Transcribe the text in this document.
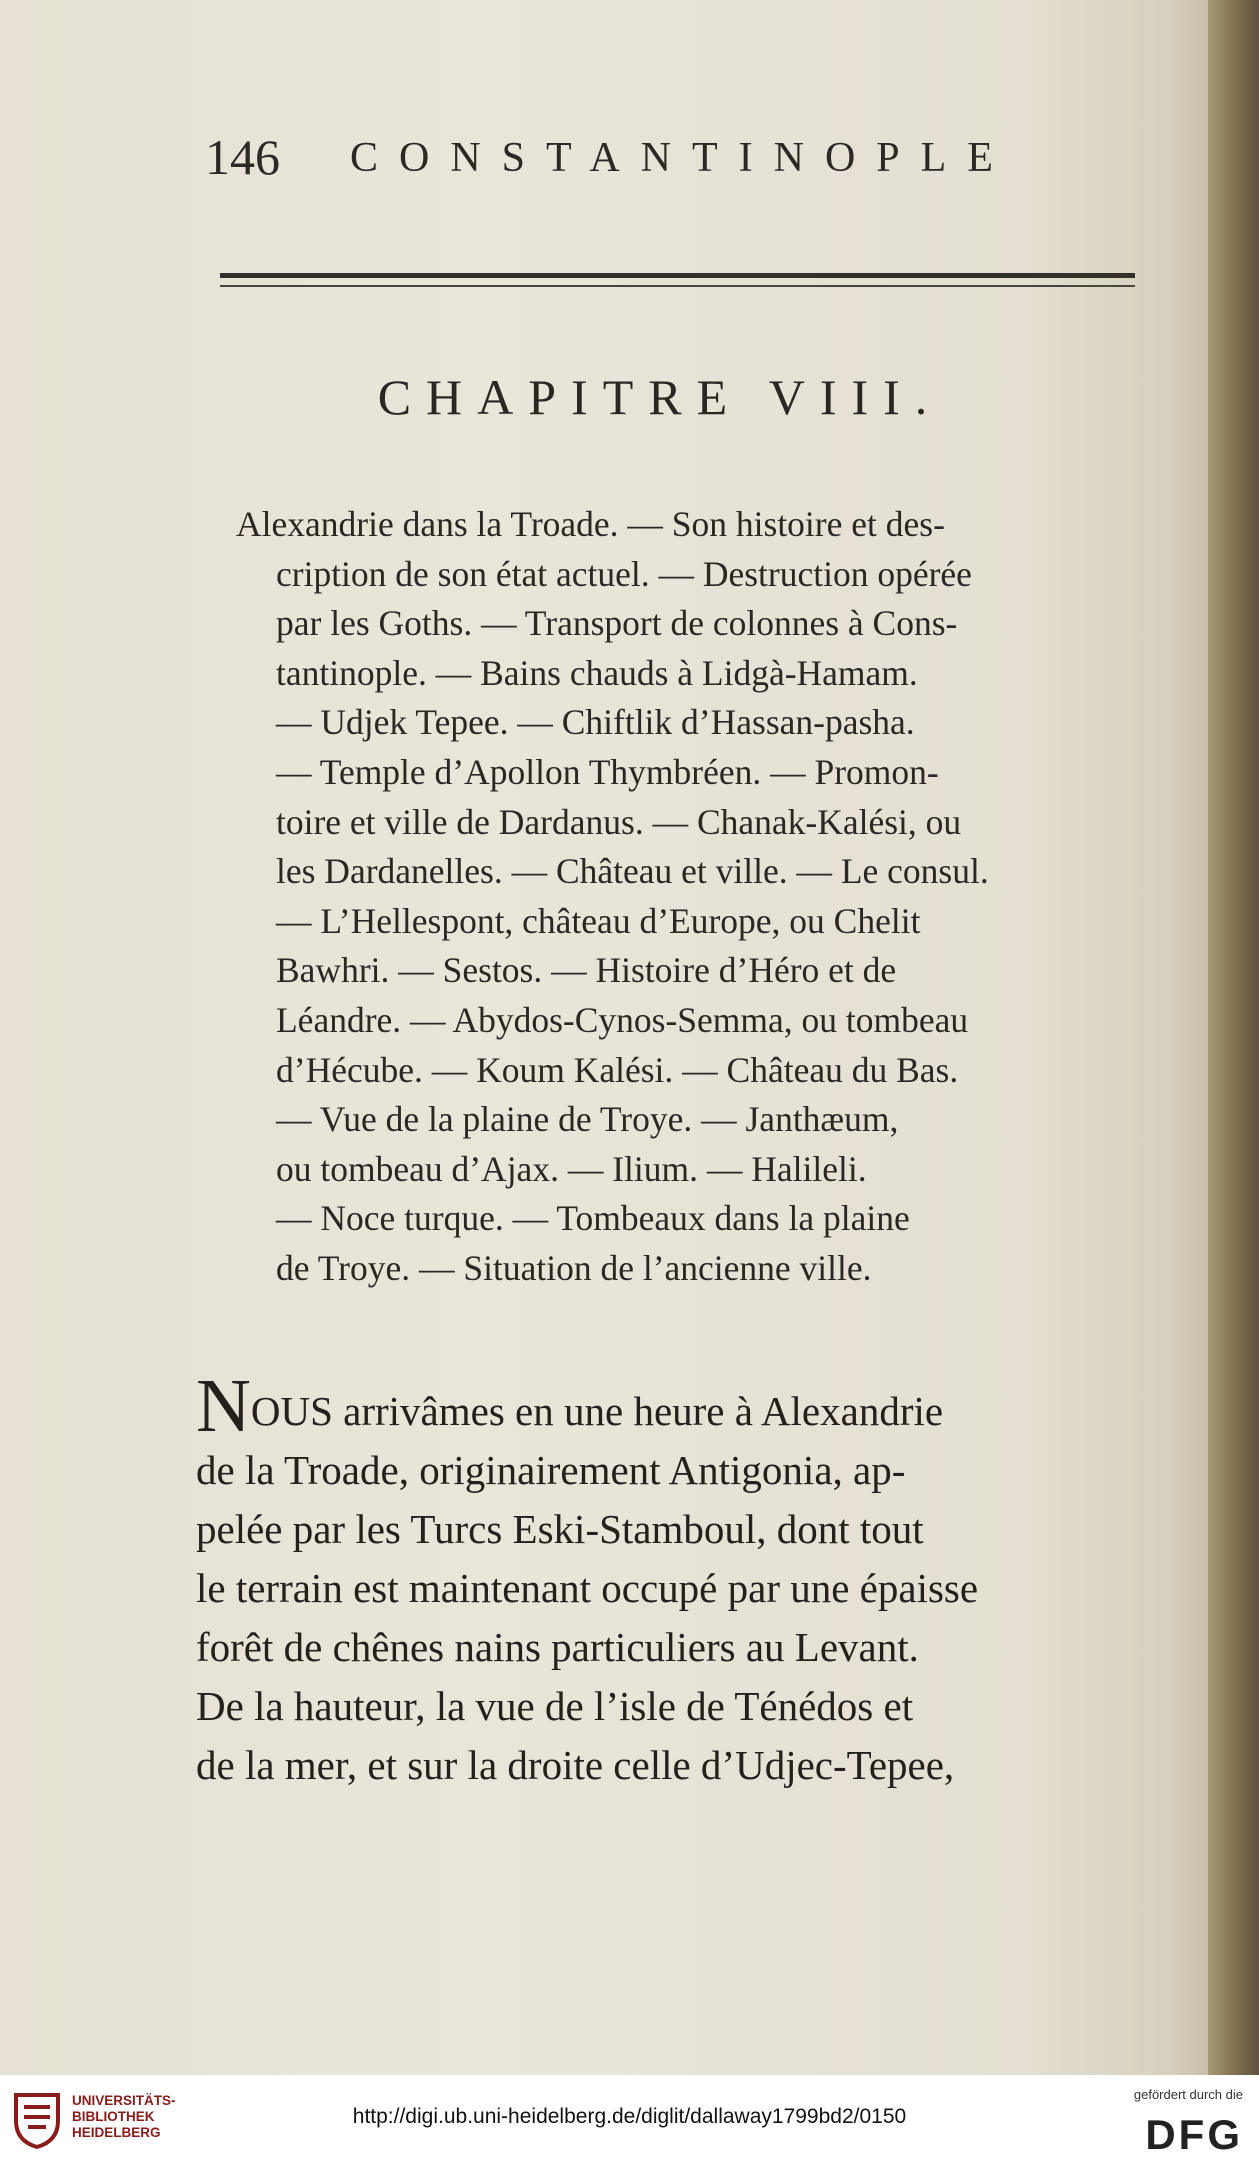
146 CONSTANTINOPLE
CHAPITRE VIII.
Alexandrie dans la Troade. — Son histoire et des-
cription de son état actuel. — Destruction opérée
par les Goths. — Transport de colonnes à Cons-
tantinople. — Bains chauds à Lidgà-Hamam.
— Udjek Tepee. — Chiftlik d’Hassan-pasha.
— Temple d’Apollon Thymbréen. — Promon-
toire et ville de Dardanus. — Chanak-Kalési, ou
les Dardanelles. — Château et ville. — Le consul.
— L’Hellespont, château d’Europe, ou Chelit
Bawhri. — Sestos. — Histoire d’Héro et de
Léandre. — Abydos-Cynos-Semma, ou tombeau
d’Hécube. — Koum Kalési. — Château du Bas.
— Vue de la plaine de Troye. — Janthæum,
ou tombeau d’Ajax. — Ilium. — Halileli.
— Noce turque. — Tombeaux dans la plaine
de Troye. — Situation de l’ancienne ville.
NOUS arrivâmes en une heure à Alexandrie
de la Troade, originairement Antigonia, ap-
pelée par les Turcs Eski-Stamboul, dont tout
le terrain est maintenant occupé par une épaisse
forêt de chênes nains particuliers au Levant.
De la hauteur, la vue de l’isle de Ténédos et
de la mer, et sur la droite celle d’Udjec-Tepee,
UNIVERSITÄTS-
BIBLIOTHEK
HEIDELBERG
http://digi.ub.uni-heidelberg.de/diglit/dallaway1799bd2/0150
gefördert durch die
DFG
